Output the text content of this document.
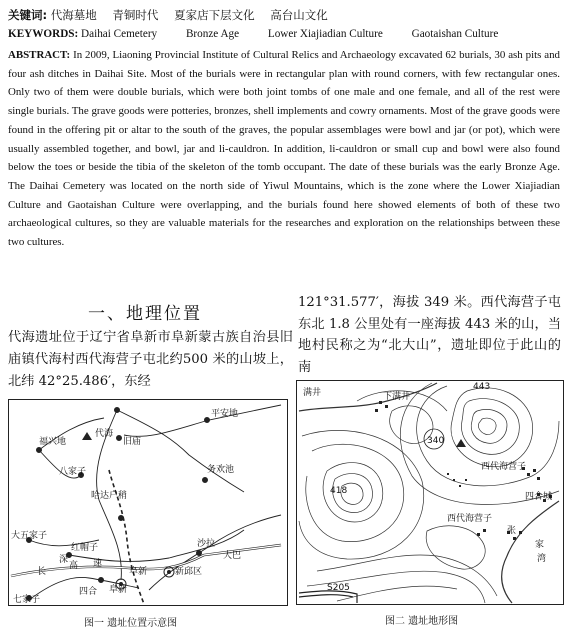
关键词: 代海墓地 青铜时代 夏家店下层文化 高台山文化
KEYWORDS: Daihai Cemetery	Bronze Age	Lower Xiajiadian Culture	Gaotaishan Culture
ABSTRACT: In 2009, Liaoning Provincial Institute of Cultural Relics and Archaeology excavated 62 burials, 30 ash pits and four ash ditches in Daihai Site. Most of the burials were in rectangular plan with round corners, with few rectangular ones. Only two of them were double burials, which were both joint tombs of one male and one female, and all of the rest were single burials. The grave goods were potteries, bronzes, shell implements and cowry ornaments. Most of the grave goods were found in the offering pit or altar to the south of the graves, the popular assemblages were bowl and jar (or pot), which were usually assembled together, and bowl, jar and li-cauldron. In addition, li-cauldron or small cup and bowl were also found below the toes or beside the tibia of the skeleton of the tomb occupant. The date of these burials was the early Bronze Age. The Daihai Cemetery was located on the north side of Yiwul Mountains, which is the zone where the Lower Xiajiadian Culture and Gaotaishan Culture were overlapping, and the burials found here showed elements of both of these two archaeological cultures, so they are valuable materials for the researches and exploration on the relationships between these two cultures.
一、地理位置
代海遗址位于辽宁省阜新市阜新蒙古族自治县旧庙镇代海村西代海营子屯北约500 米的山坡上，北纬 42°25.486′，东经
121°31.577′，海拔 349 米。西代海营子屯东北 1.8 公里处有一座海拔 443 米的山，当地村民称之为“北大山”，遗址即位于此山的南
平安地
福兴地
代海
旧庙
八家子	务欢池
哈达户稍
大五家子
红帽子
长
深
高 速
沙拉
大巴
阜新
阜新
新邱区
四合
七家子
图一 遗址位置示意图
满井	下满井
443
340
418
西代海营子
西代海营子
四合城
张
家
湾
S205
图二 遗址地形图
